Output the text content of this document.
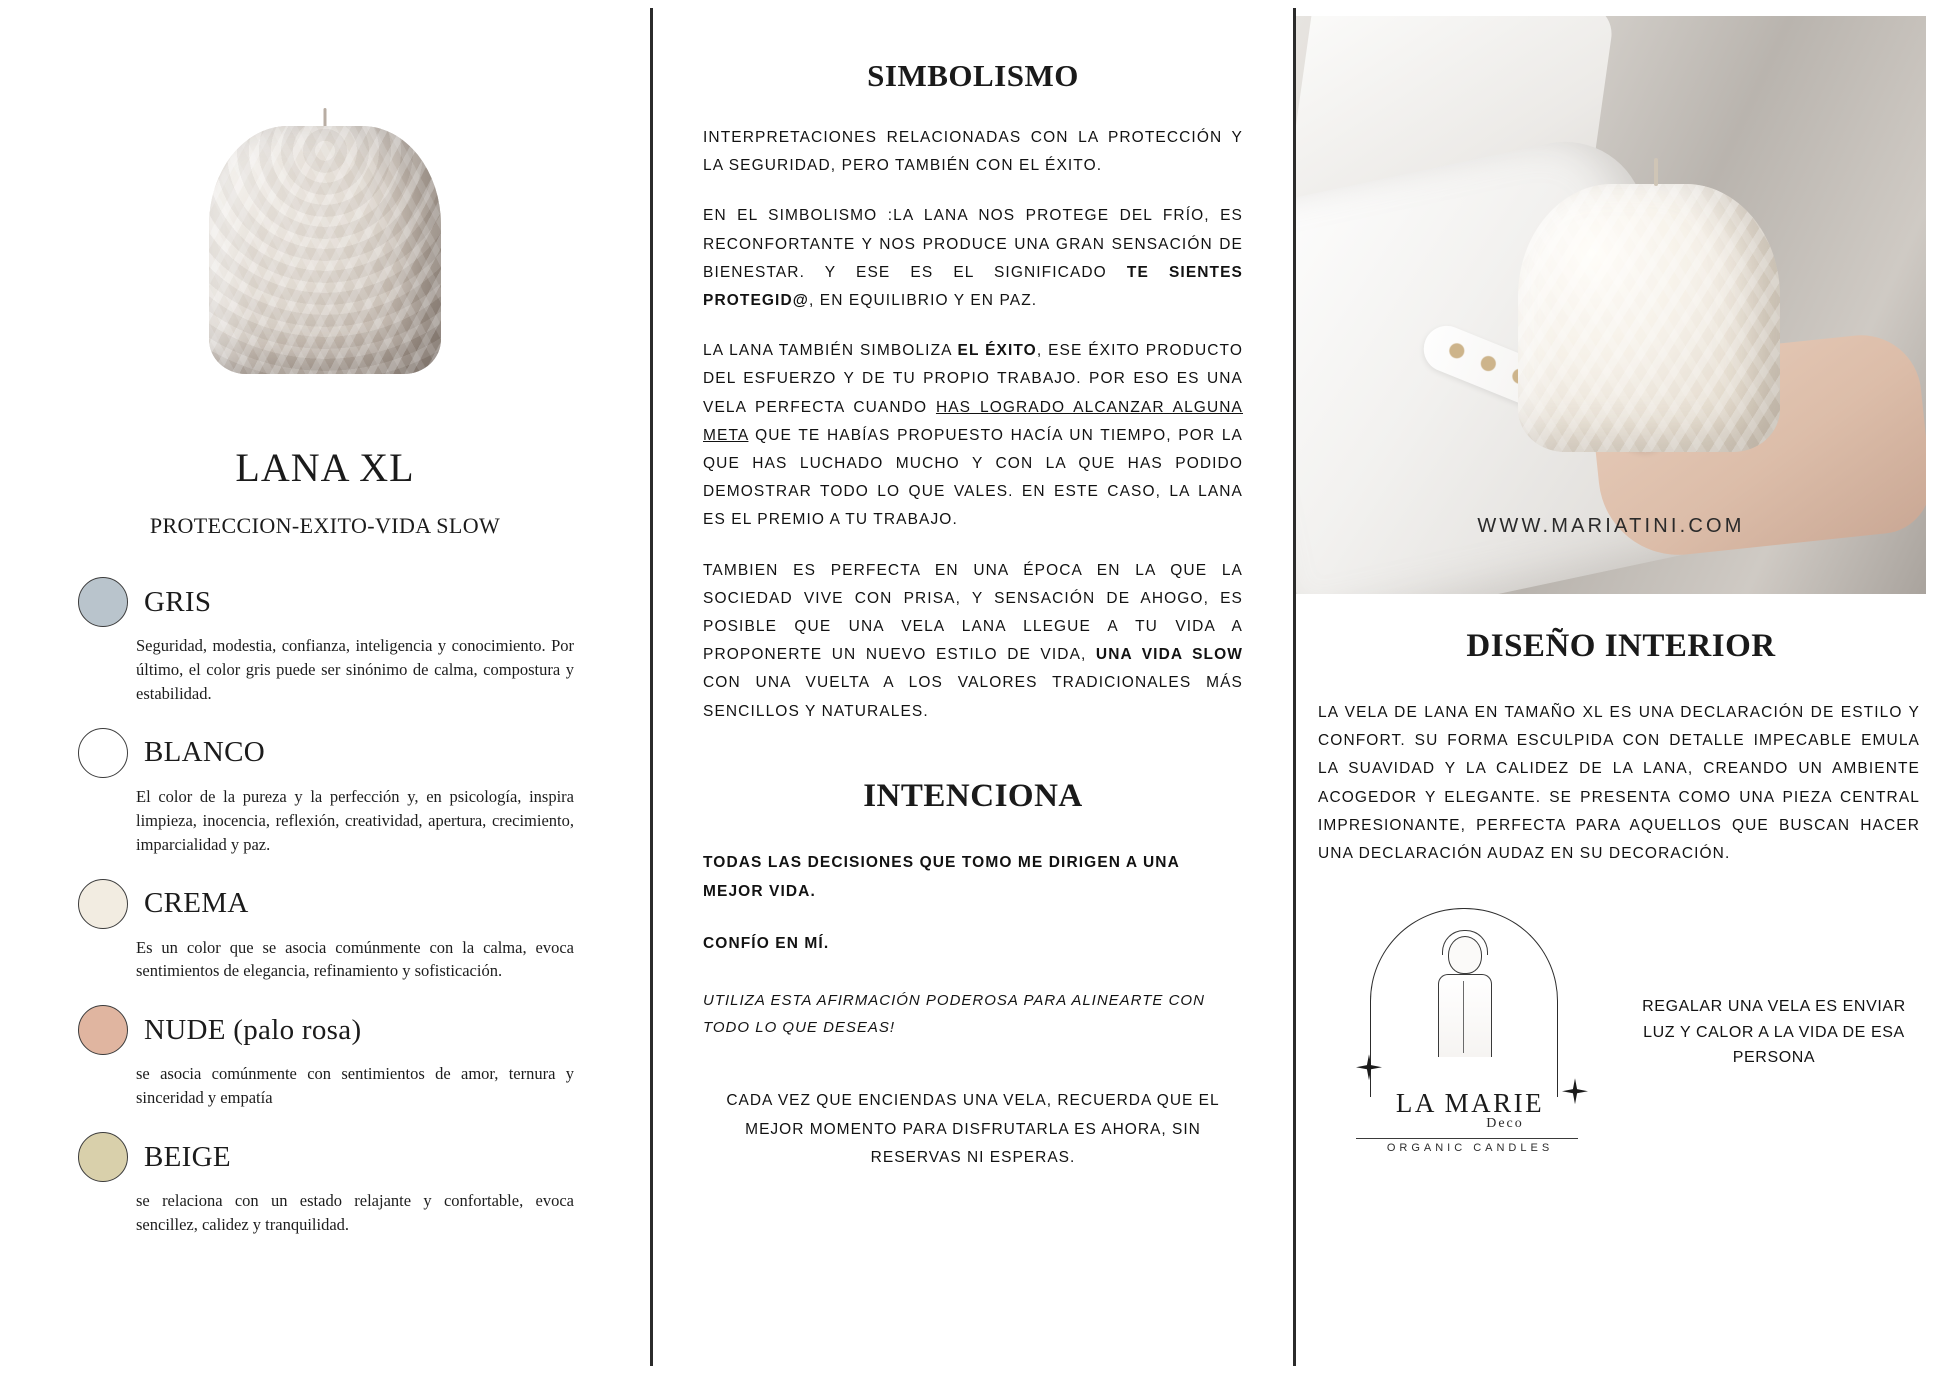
LANA XL
PROTECCION-EXITO-VIDA SLOW
GRIS
Seguridad, modestia, confianza, inteligencia y conocimiento. Por último, el color gris puede ser sinónimo de calma, compostura y estabilidad.
BLANCO
El color de la pureza y la perfección y, en psicología, inspira limpieza, inocencia, reflexión, creatividad, apertura, crecimiento, imparcialidad y paz.
CREMA
Es un color que se asocia comúnmente con la calma, evoca sentimientos de elegancia, refinamiento y sofisticación.
NUDE (palo rosa)
se asocia comúnmente con sentimientos de amor, ternura y sinceridad y empatía
BEIGE
se relaciona con un estado relajante y confortable, evoca sencillez, calidez y tranquilidad.
SIMBOLISMO

INTERPRETACIONES RELACIONADAS CON LA PROTECCIÓN Y LA SEGURIDAD, PERO TAMBIÉN CON EL ÉXITO.

EN EL SIMBOLISMO :LA LANA NOS PROTEGE DEL FRÍO, ES RECONFORTANTE Y NOS PRODUCE UNA GRAN SENSACIÓN DE BIENESTAR. Y ESE ES EL SIGNIFICADO TE SIENTES PROTEGID@, EN EQUILIBRIO Y EN PAZ.

LA LANA TAMBIÉN SIMBOLIZA EL ÉXITO, ESE ÉXITO PRODUCTO DEL ESFUERZO Y DE TU PROPIO TRABAJO. POR ESO ES UNA VELA PERFECTA CUANDO HAS LOGRADO ALCANZAR ALGUNA META QUE TE HABÍAS PROPUESTO HACÍA UN TIEMPO, POR LA QUE HAS LUCHADO MUCHO Y CON LA QUE HAS PODIDO DEMOSTRAR TODO LO QUE VALES. EN ESTE CASO, LA LANA ES EL PREMIO A TU TRABAJO.

TAMBIEN ES PERFECTA EN UNA ÉPOCA EN LA QUE LA SOCIEDAD VIVE CON PRISA, Y SENSACIÓN DE AHOGO, ES POSIBLE QUE UNA VELA LANA LLEGUE A TU VIDA A PROPONERTE UN NUEVO ESTILO DE VIDA, UNA VIDA SLOW CON UNA VUELTA A LOS VALORES TRADICIONALES MÁS SENCILLOS Y NATURALES.

INTENCIONA

TODAS LAS DECISIONES QUE TOMO ME DIRIGEN A UNA MEJOR VIDA.

CONFÍO EN MÍ.

UTILIZA ESTA AFIRMACIÓN PODEROSA PARA ALINEARTE CON TODO LO QUE DESEAS!

CADA VEZ QUE ENCIENDAS UNA VELA, RECUERDA QUE EL MEJOR MOMENTO PARA DISFRUTARLA ES AHORA, SIN RESERVAS NI ESPERAS.

WWW.MARIATINI.COM
DISEÑO INTERIOR

LA VELA DE LANA EN TAMAÑO XL ES UNA DECLARACIÓN DE ESTILO Y CONFORT. SU FORMA ESCULPIDA CON DETALLE IMPECABLE EMULA LA SUAVIDAD Y LA CALIDEZ DE LA LANA, CREANDO UN AMBIENTE ACOGEDOR Y ELEGANTE. SE PRESENTA COMO UNA PIEZA CENTRAL IMPRESIONANTE, PERFECTA PARA AQUELLOS QUE BUSCAN HACER UNA DECLARACIÓN AUDAZ EN SU DECORACIÓN.

LA MARIE
Deco
ORGANIC CANDLES
REGALAR UNA VELA ES ENVIAR LUZ Y CALOR A LA VIDA DE ESA PERSONA
